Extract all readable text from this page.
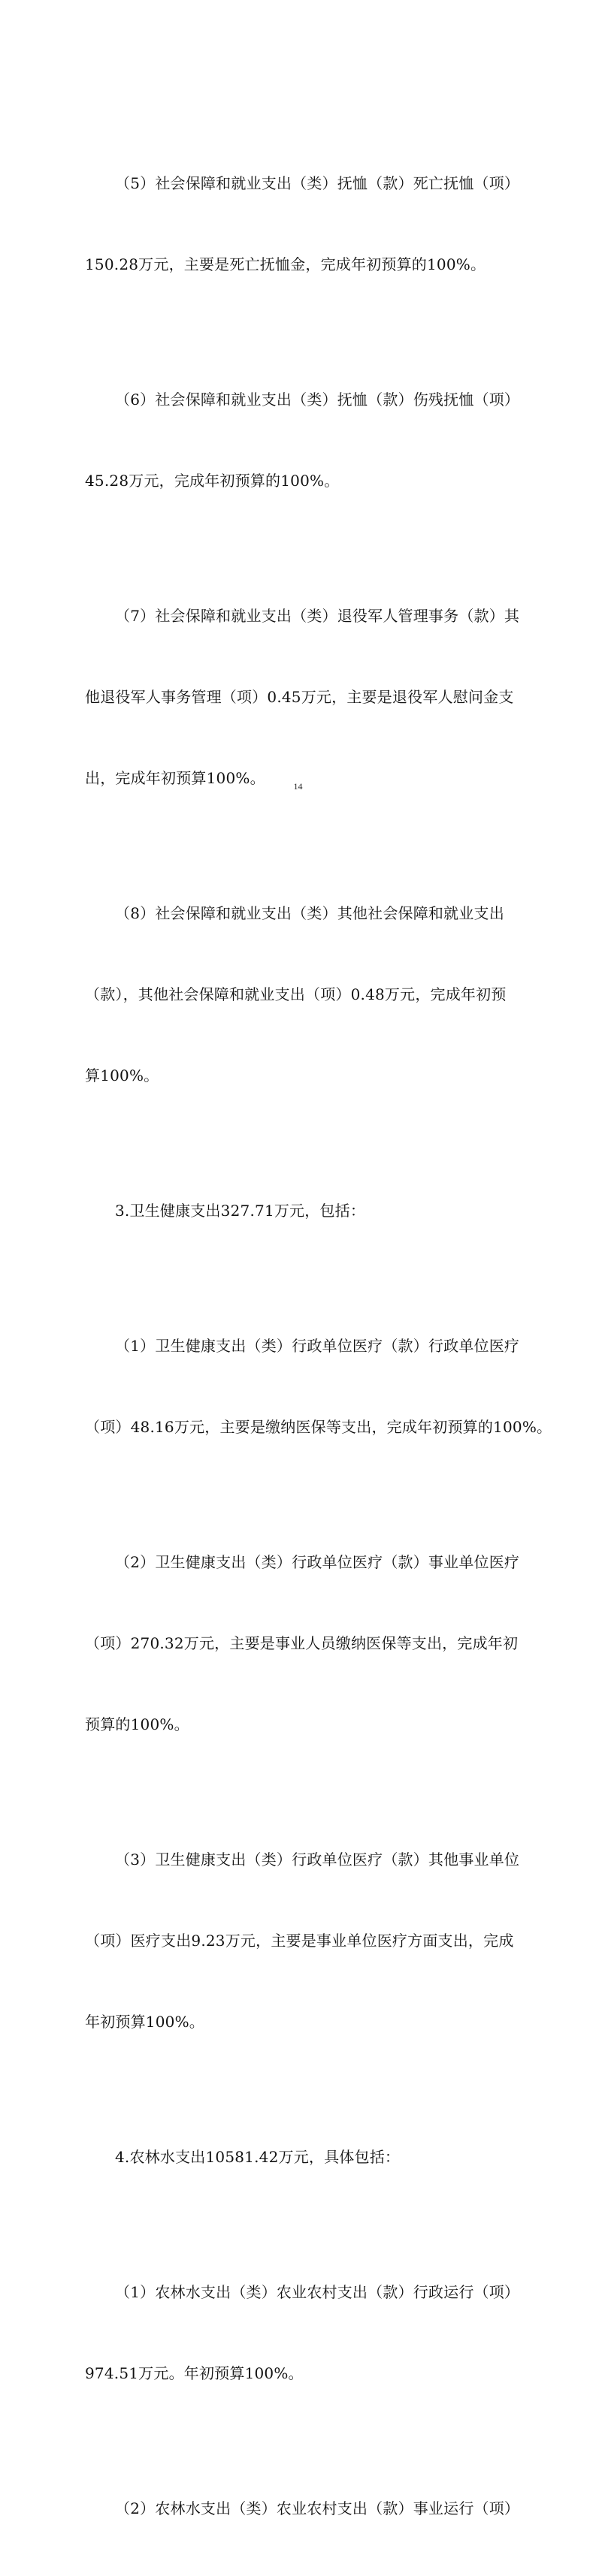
（5）社会保障和就业支出（类）抚恤（款）死亡抚恤（项）

150.28万元，主要是死亡抚恤金，完成年初预算的100%。

（6）社会保障和就业支出（类）抚恤（款）伤残抚恤（项）

45.28万元，完成年初预算的100%。

（7）社会保障和就业支出（类）退役军人管理事务（款）其

他退役军人事务管理（项）0.45万元，主要是退役军人慰问金支

出，完成年初预算100%。

（8）社会保障和就业支出（类）其他社会保障和就业支出

（款），其他社会保障和就业支出（项）0.48万元，完成年初预

算100%。

3.卫生健康支出327.71万元，包括：

（1）卫生健康支出（类）行政单位医疗（款）行政单位医疗

（项）48.16万元，主要是缴纳医保等支出，完成年初预算的100%。

（2）卫生健康支出（类）行政单位医疗（款）事业单位医疗

（项）270.32万元，主要是事业人员缴纳医保等支出，完成年初

预算的100%。

（3）卫生健康支出（类）行政单位医疗（款）其他事业单位

（项）医疗支出9.23万元，主要是事业单位医疗方面支出，完成

年初预算100%。

4.农林水支出10581.42万元，具体包括：

（1）农林水支出（类）农业农村支出（款）行政运行（项）

974.51万元。年初预算100%。

（2）农林水支出（类）农业农村支出（款）事业运行（项）

14
